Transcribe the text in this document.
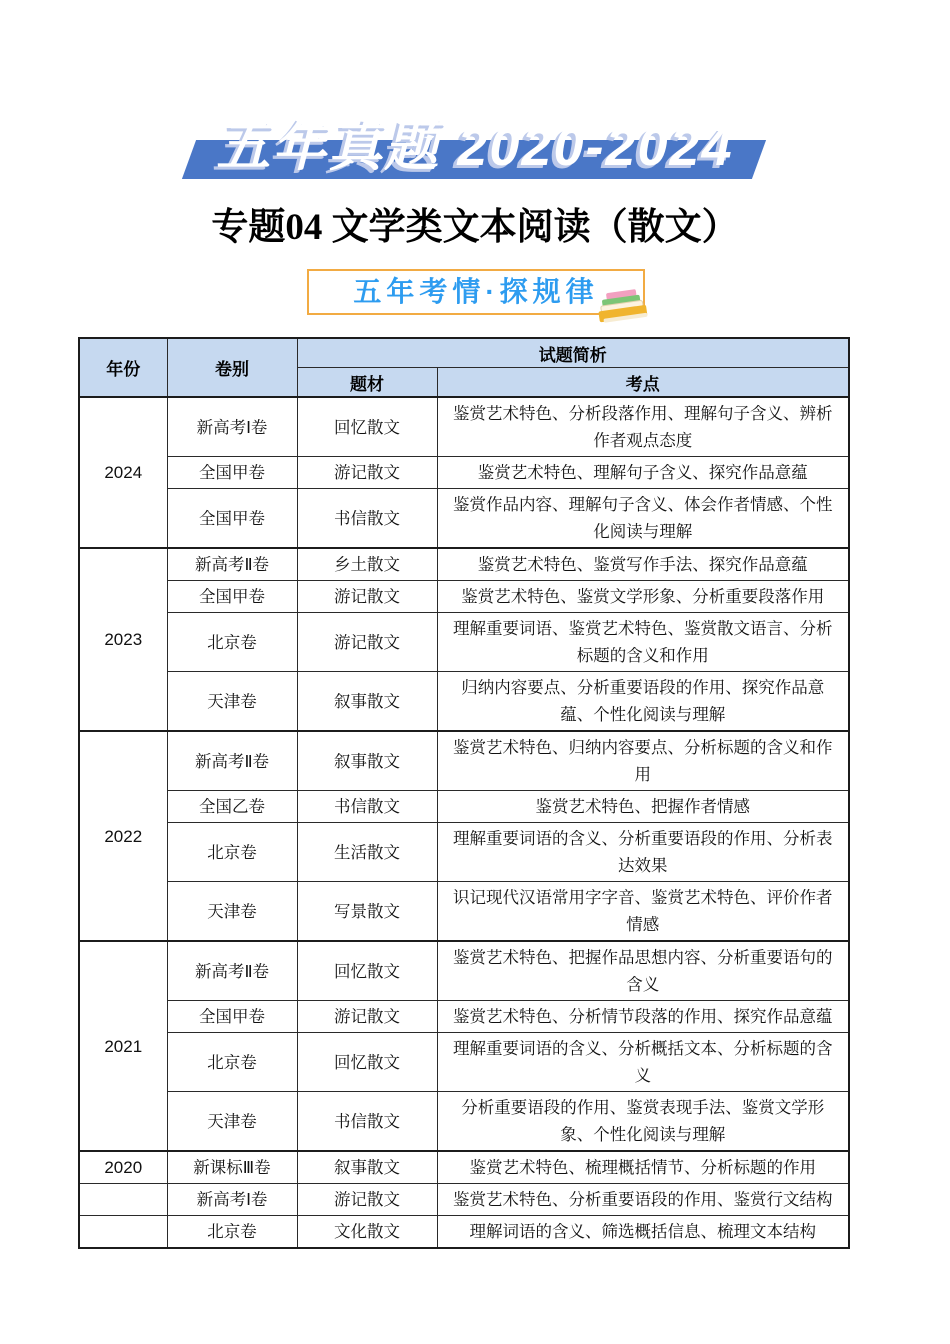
五年真题 2020-2024
专题04 文学类文本阅读（散文）
五年考情·探规律
年份	卷别	试题简析	
		题材	考点
2024	新高考Ⅰ卷	回忆散文	鉴赏艺术特色、分析段落作用、理解句子含义、辨析作者观点态度
	全国甲卷	游记散文	鉴赏艺术特色、理解句子含义、探究作品意蕴
	全国甲卷	书信散文	鉴赏作品内容、理解句子含义、体会作者情感、个性化阅读与理解
2023	新高考Ⅱ卷	乡土散文	鉴赏艺术特色、鉴赏写作手法、探究作品意蕴
	全国甲卷	游记散文	鉴赏艺术特色、鉴赏文学形象、分析重要段落作用
	北京卷	游记散文	理解重要词语、鉴赏艺术特色、鉴赏散文语言、分析标题的含义和作用
	天津卷	叙事散文	归纳内容要点、分析重要语段的作用、探究作品意蕴、个性化阅读与理解
2022	新高考Ⅱ卷	叙事散文	鉴赏艺术特色、归纳内容要点、分析标题的含义和作用
	全国乙卷	书信散文	鉴赏艺术特色、把握作者情感
	北京卷	生活散文	理解重要词语的含义、分析重要语段的作用、分析表达效果
	天津卷	写景散文	识记现代汉语常用字字音、鉴赏艺术特色、评价作者情感
2021	新高考Ⅱ卷	回忆散文	鉴赏艺术特色、把握作品思想内容、分析重要语句的含义
	全国甲卷	游记散文	鉴赏艺术特色、分析情节段落的作用、探究作品意蕴
	北京卷	回忆散文	理解重要词语的含义、分析概括文本、分析标题的含义
	天津卷	书信散文	分析重要语段的作用、鉴赏表现手法、鉴赏文学形象、个性化阅读与理解
2020	新课标Ⅲ卷	叙事散文	鉴赏艺术特色、梳理概括情节、分析标题的作用
	新高考Ⅰ卷	游记散文	鉴赏艺术特色、分析重要语段的作用、鉴赏行文结构
	北京卷	文化散文	理解词语的含义、筛选概括信息、梳理文本结构
